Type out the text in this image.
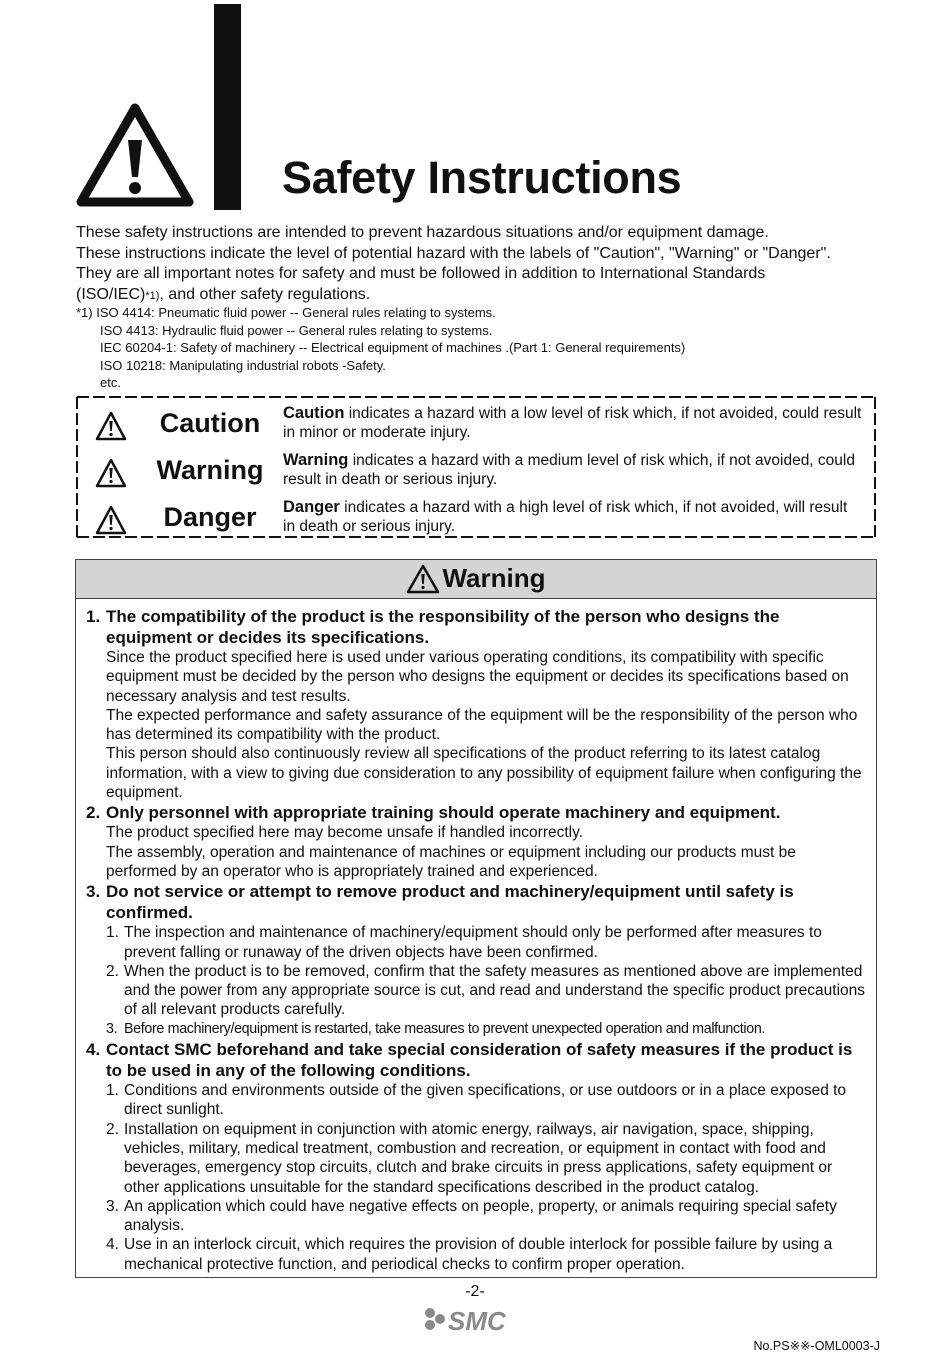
Safety Instructions

These safety instructions are intended to prevent hazardous situations and/or equipment damage.

These instructions indicate the level of potential hazard with the labels of "Caution", "Warning" or "Danger".

They are all important notes for safety and must be followed in addition to International Standards

(ISO/IEC)*1), and other safety regulations.

*1) ISO 4414: Pneumatic fluid power -- General rules relating to systems.
ISO 4413: Hydraulic fluid power -- General rules relating to systems.
IEC 60204-1: Safety of machinery -- Electrical equipment of machines .(Part 1: General requirements)
ISO 10218: Manipulating industrial robots -Safety.
etc.
Caution	Caution indicates a hazard with a low level of risk which, if not avoided, could result in minor or moderate injury.
Warning	Warning indicates a hazard with a medium level of risk which, if not avoided, could result in death or serious injury.
Danger	Danger indicates a hazard with a high level of risk which, if not avoided, will result in death or serious injury.
Warning
1. The compatibility of the product is the responsibility of the person who designs the equipment or decides its specifications.

Since the product specified here is used under various operating conditions, its compatibility with specific equipment must be decided by the person who designs the equipment or decides its specifications based on necessary analysis and test results.

The expected performance and safety assurance of the equipment will be the responsibility of the person who has determined its compatibility with the product.

This person should also continuously review all specifications of the product referring to its latest catalog information, with a view to giving due consideration to any possibility of equipment failure when configuring the equipment.

2. Only personnel with appropriate training should operate machinery and equipment.

The product specified here may become unsafe if handled incorrectly.

The assembly, operation and maintenance of machines or equipment including our products must be performed by an operator who is appropriately trained and experienced.

3. Do not service or attempt to remove product and machinery/equipment until safety is confirmed.
1. The inspection and maintenance of machinery/equipment should only be performed after measures to prevent falling or runaway of the driven objects have been confirmed.
2. When the product is to be removed, confirm that the safety measures as mentioned above are implemented and the power from any appropriate source is cut, and read and understand the specific product precautions of all relevant products carefully.
3. Before machinery/equipment is restarted, take measures to prevent unexpected operation and malfunction.
4. Contact SMC beforehand and take special consideration of safety measures if the product is to be used in any of the following conditions.
1. Conditions and environments outside of the given specifications, or use outdoors or in a place exposed to direct sunlight.
2. Installation on equipment in conjunction with atomic energy, railways, air navigation, space, shipping, vehicles, military, medical treatment, combustion and recreation, or equipment in contact with food and beverages, emergency stop circuits, clutch and brake circuits in press applications, safety equipment or other applications unsuitable for the standard specifications described in the product catalog.
3. An application which could have negative effects on people, property, or animals requiring special safety analysis.
4. Use in an interlock circuit, which requires the provision of double interlock for possible failure by using a mechanical protective function, and periodical checks to confirm proper operation.
-2-
SMC
No.PS※※-OML0003-J
